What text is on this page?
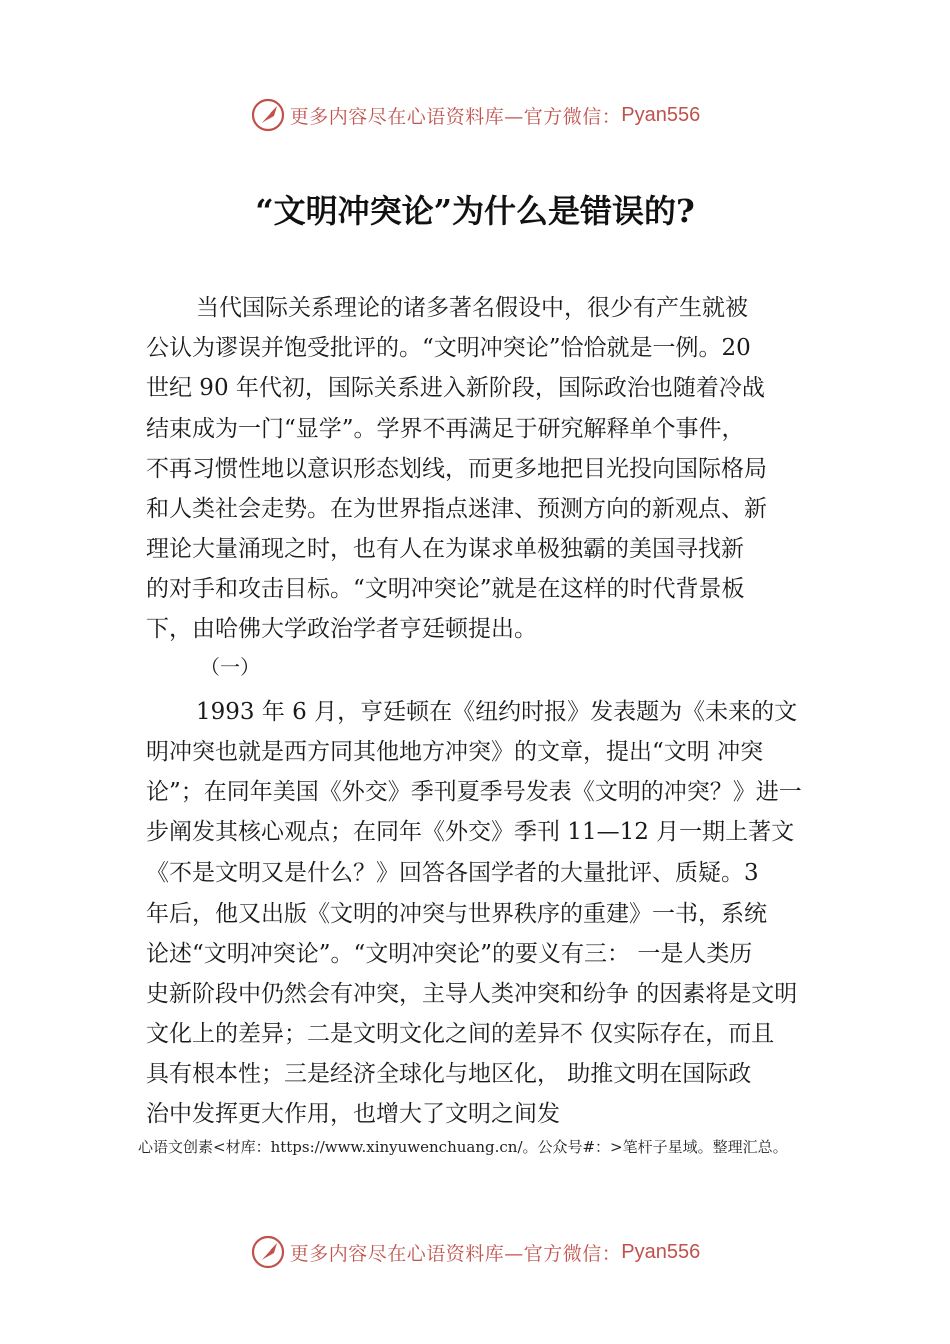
更多内容尽在心语资料库—官方微信： Pyan556
“文明冲突论”为什么是错误的?
当代国际关系理论的诸多著名假设中，很少有产生就被
公认为谬误并饱受批评的。“文明冲突论”恰恰就是一例。20
世纪 90 年代初，国际关系进入新阶段，国际政治也随着冷战
结束成为一门“显学”。学界不再满足于研究解释单个事件，
不再习惯性地以意识形态划线，而更多地把目光投向国际格局
和人类社会走势。在为世界指点迷津、预测方向的新观点、新
理论大量涌现之时，也有人在为谋求单极独霸的美国寻找新
的对手和攻击目标。“文明冲突论”就是在这样的时代背景板
下，由哈佛大学政治学者亨廷顿提出。
（一）
1993 年 6 月，亨廷顿在《纽约时报》发表题为《未来的文
明冲突也就是西方同其他地方冲突》的文章，提出“文明 冲突
论”；在同年美国《外交》季刊夏季号发表《文明的冲突？》进一
步阐发其核心观点；在同年《外交》季刊 11—12 月一期上著文
《不是文明又是什么？》回答各国学者的大量批评、质疑。3
年后，他又出版《文明的冲突与世界秩序的重建》一书，系统
论述“文明冲突论”。“文明冲突论”的要义有三： 一是人类历
史新阶段中仍然会有冲突，主导人类冲突和纷争 的因素将是文明
文化上的差异；二是文明文化之间的差异不 仅实际存在，而且
具有根本性；三是经济全球化与地区化， 助推文明在国际政
治中发挥更大作用，也增大了文明之间发
心语文创素<材库：https://www.xinyuwenchuang.cn/。公众号#：>笔杆子星域。整理汇总。
更多内容尽在心语资料库—官方微信： Pyan556
